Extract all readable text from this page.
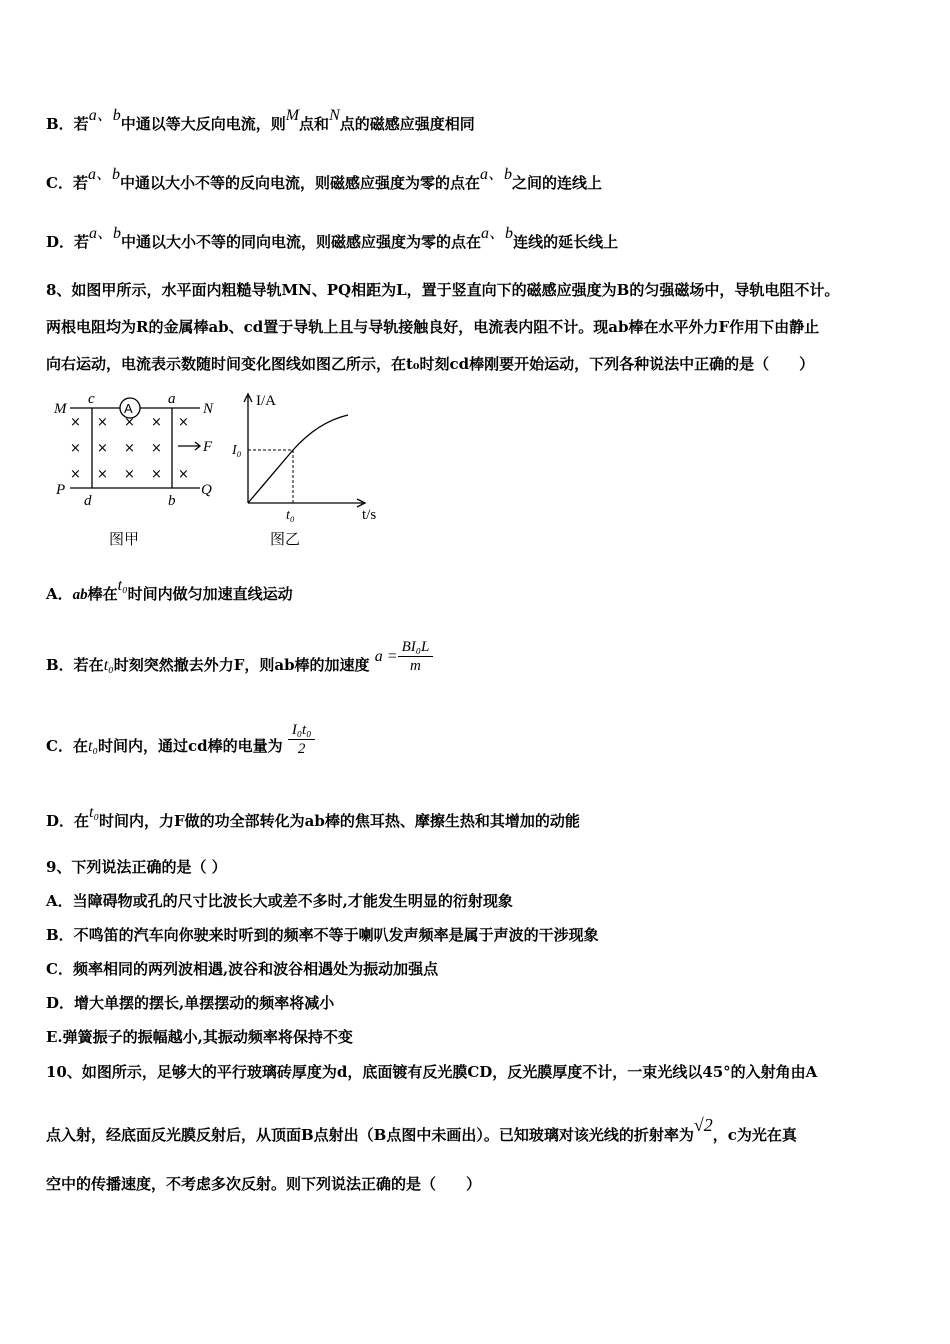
B．若a、b中通以等大反向电流，则M点和N点的磁感应强度相同
C．若a、b中通以大小不等的反向电流，则磁感应强度为零的点在a、b之间的连线上
D．若a、b中通以大小不等的同向电流，则磁感应强度为零的点在a、b连线的延长线上
8、如图甲所示，水平面内粗糙导轨MN、PQ相距为L，置于竖直向下的磁感应强度为B的匀强磁场中，导轨电阻不计。
两根电阻均为R的金属棒ab、cd置于导轨上且与导轨接触良好，电流表内阻不计。现ab棒在水平外力F作用下由静止
向右运动，电流表示数随时间变化图线如图乙所示，在t₀时刻cd棒刚要开始运动，下列各种说法中正确的是（　　）
M	N
P	Q
c	a
d	b
F
A
× × × × ×
× × × ×
× × × × ×
图甲
I/A
t/s
I₀
t₀
图乙
A．ab棒在t₀时间内做匀加速直线运动
B．若在t₀时刻突然撤去外力F，则ab棒的加速度 $a = \frac{\text{BI₀L}}{m}$
C．在t₀时间内，通过cd棒的电量为 $\frac{\text{I₀t₀}}{2}$
D．在t₀时间内，力F做的功全部转化为ab棒的焦耳热、摩擦生热和其增加的动能
9、下列说法正确的是（ ）
A．当障碍物或孔的尺寸比波长大或差不多时,才能发生明显的衍射现象
B．不鸣笛的汽车向你驶来时听到的频率不等于喇叭发声频率是属于声波的干涉现象
C．频率相同的两列波相遇,波谷和波谷相遇处为振动加强点
D．增大单摆的摆长,单摆摆动的频率将减小
E.弹簧振子的振幅越小,其振动频率将保持不变
10、如图所示，足够大的平行玻璃砖厚度为d，底面镀有反光膜CD，反光膜厚度不计，一束光线以45°的入射角由A
点入射，经底面反光膜反射后，从顶面B点射出（B点图中未画出）。已知玻璃对该光线的折射率为√2，c为光在真
空中的传播速度，不考虑多次反射。则下列说法正确的是（　　）
